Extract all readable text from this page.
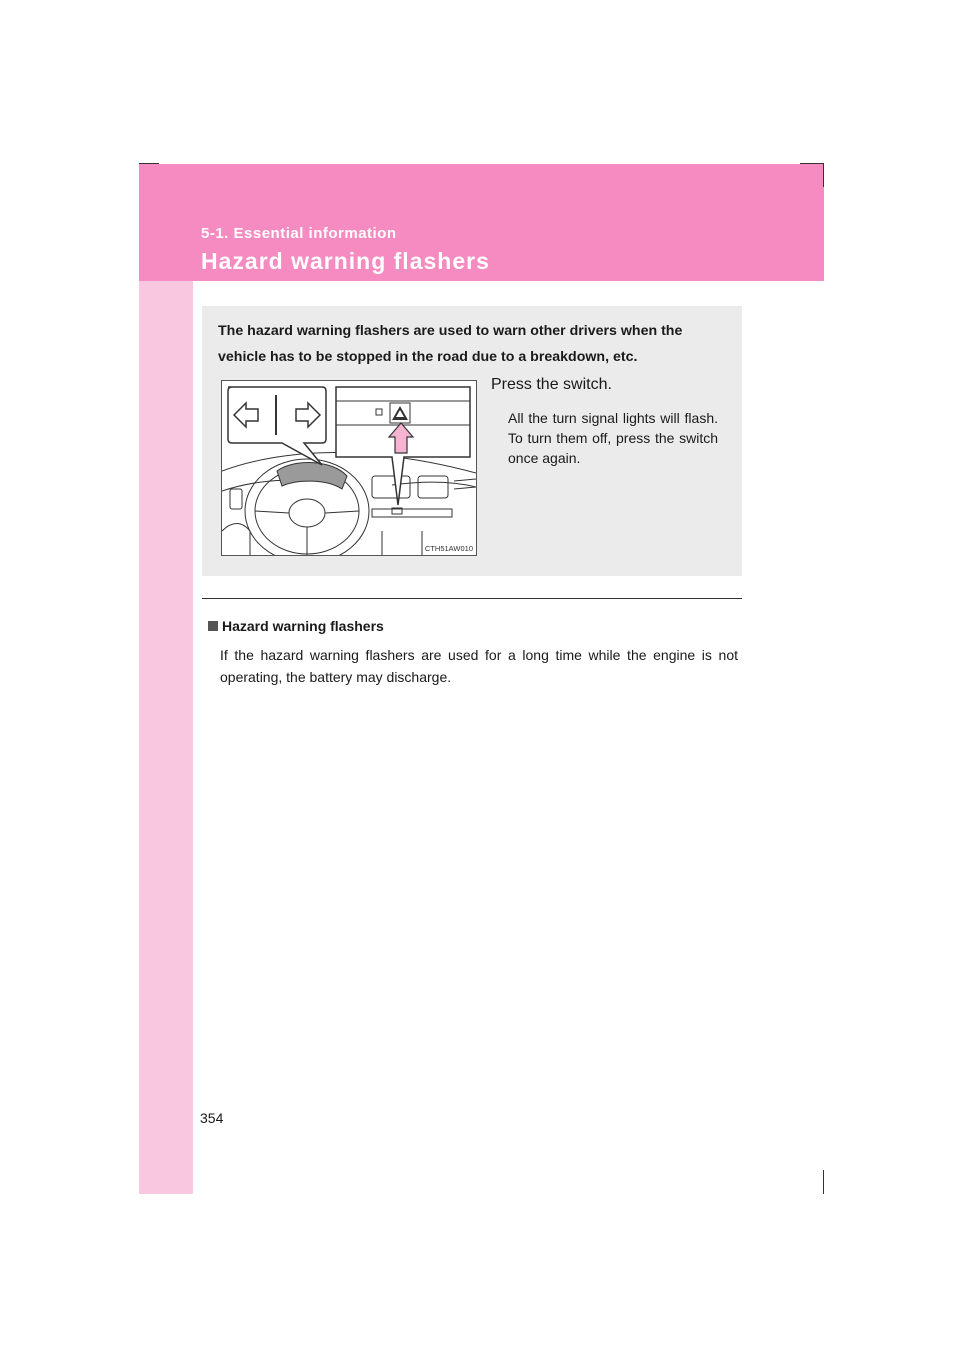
5-1. Essential information
Hazard warning flashers
The hazard warning flashers are used to warn other drivers when the vehicle has to be stopped in the road due to a breakdown, etc.
CTH51AW010
Press the switch.
All the turn signal lights will flash. To turn them off, press the switch once again.
Hazard warning flashers
If the hazard warning flashers are used for a long time while the engine is not operating, the battery may discharge.
354
